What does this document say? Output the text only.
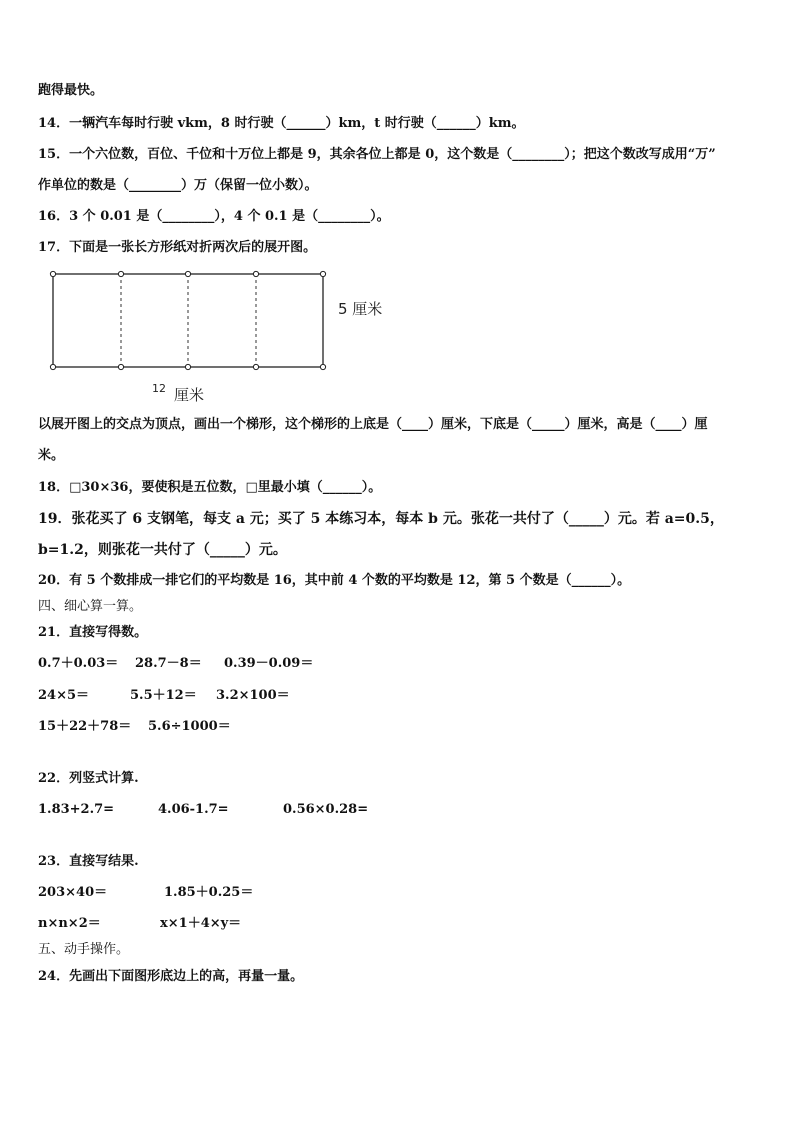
跑得最快。
14．一辆汽车每时行驶 vkm，8 时行驶（______）km，t 时行驶（______）km。
15．一个六位数，百位、千位和十万位上都是 9，其余各位上都是 0，这个数是（________）；把这个数改写成用“万”
作单位的数是（________）万（保留一位小数）。
16．3 个 0.01 是（________），4 个 0.1 是（________）。
17．下面是一张长方形纸对折两次后的展开图。
5 厘米
12 厘米
以展开图上的交点为顶点，画出一个梯形，这个梯形的上底是（____）厘米，下底是（_____）厘米，高是（____）厘
米。
18．□30×36，要使积是五位数，□里最小填（______）。
19．张花买了 6 支钢笔，每支 a 元；买了 5 本练习本，每本 b 元。张花一共付了（_____）元。若 a=0.5，
b=1.2，则张花一共付了（_____）元。
20．有 5 个数排成一排它们的平均数是 16，其中前 4 个数的平均数是 12，第 5 个数是（______）。
四、细心算一算。
21．直接写得数。
0.7＋0.03＝ 28.7－8＝ 0.39－0.09＝
24×5＝	5.5＋12＝ 3.2×100＝
15＋22＋78＝ 5.6÷1000＝
22．列竖式计算.
1.83+2.7=	4.06-1.7=	0.56×0.28=
23．直接写结果.
203×40＝	1.85＋0.25＝
n×n×2＝	x×1＋4×y＝
五、动手操作。
24．先画出下面图形底边上的高，再量一量。
